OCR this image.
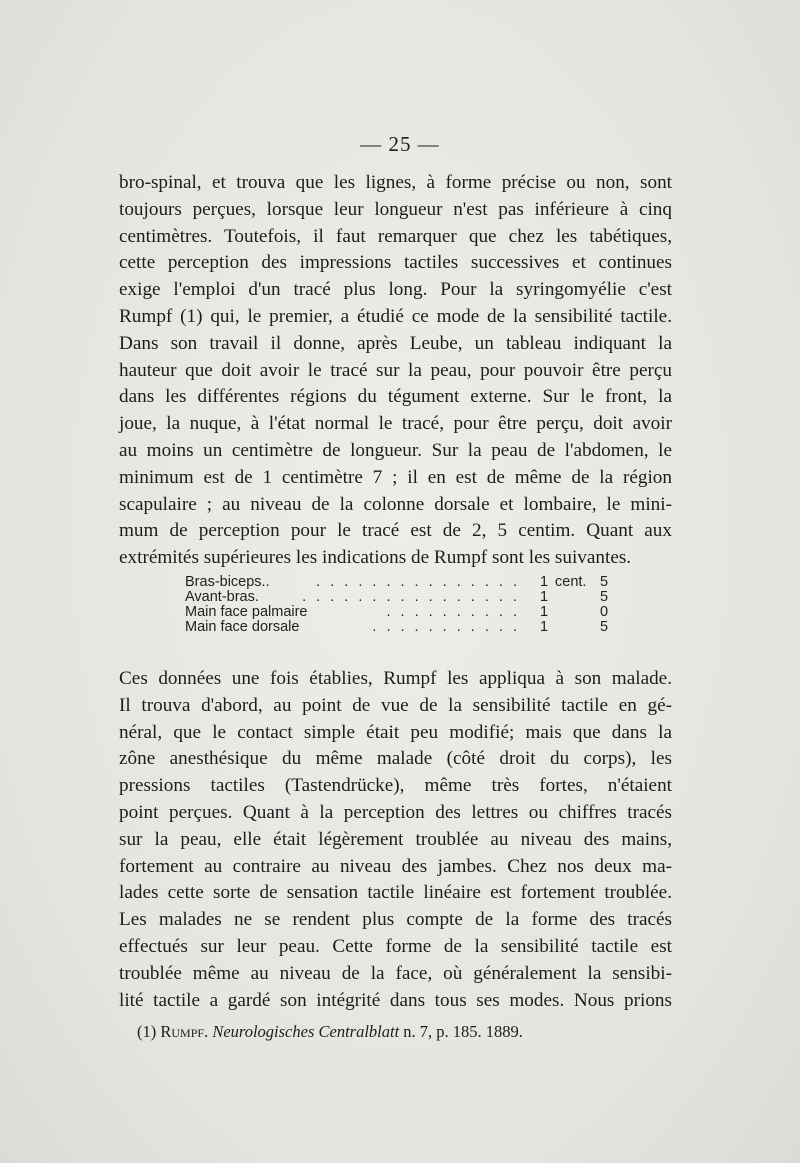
— 25 —
bro-spinal, et trouva que les lignes, à forme précise ou non, sont
toujours perçues, lorsque leur longueur n'est pas inférieure à cinq
centimètres. Toutefois, il faut remarquer que chez les tabétiques,
cette perception des impressions tactiles successives et continues
exige l'emploi d'un tracé plus long. Pour la syringomyélie c'est
Rumpf (1) qui, le premier, a étudié ce mode de la sensibilité tactile.
Dans son travail il donne, après Leube, un tableau indiquant la
hauteur que doit avoir le tracé sur la peau, pour pouvoir être perçu
dans les différentes régions du tégument externe. Sur le front, la
joue, la nuque, à l'état normal le tracé, pour être perçu, doit avoir
au moins un centimètre de longueur. Sur la peau de l'abdomen, le
minimum est de 1 centimètre 7 ; il en est de même de la région
scapulaire ; au niveau de la colonne dorsale et lombaire, le mini-
mum de perception pour le tracé est de 2, 5 centim. Quant aux
extrémités supérieures les indications de Rumpf sont les suivantes.
. . . . . . . . . . . . . . .
Bras-biceps..	1 cent. 5
. . . . . . . . . . . . . . . .
Avant-bras.	1	5
. . . . . . . . . .
Main face palmaire	1	0
. . . . . . . . . . .
Main face dorsale	1	5
Ces données une fois établies, Rumpf les appliqua à son malade.
Il trouva d'abord, au point de vue de la sensibilité tactile en gé-
néral, que le contact simple était peu modifié; mais que dans la
zône anesthésique du même malade (côté droit du corps), les
pressions tactiles (Tastendrücke), même très fortes, n'étaient
point perçues. Quant à la perception des lettres ou chiffres tracés
sur la peau, elle était légèrement troublée au niveau des mains,
fortement au contraire au niveau des jambes. Chez nos deux ma-
lades cette sorte de sensation tactile linéaire est fortement troublée.
Les malades ne se rendent plus compte de la forme des tracés
effectués sur leur peau. Cette forme de la sensibilité tactile est
troublée même au niveau de la face, où généralement la sensibi-
lité tactile a gardé son intégrité dans tous ses modes. Nous prions
(1) Rumpf. Neurologisches Centralblatt n. 7, p. 185. 1889.
